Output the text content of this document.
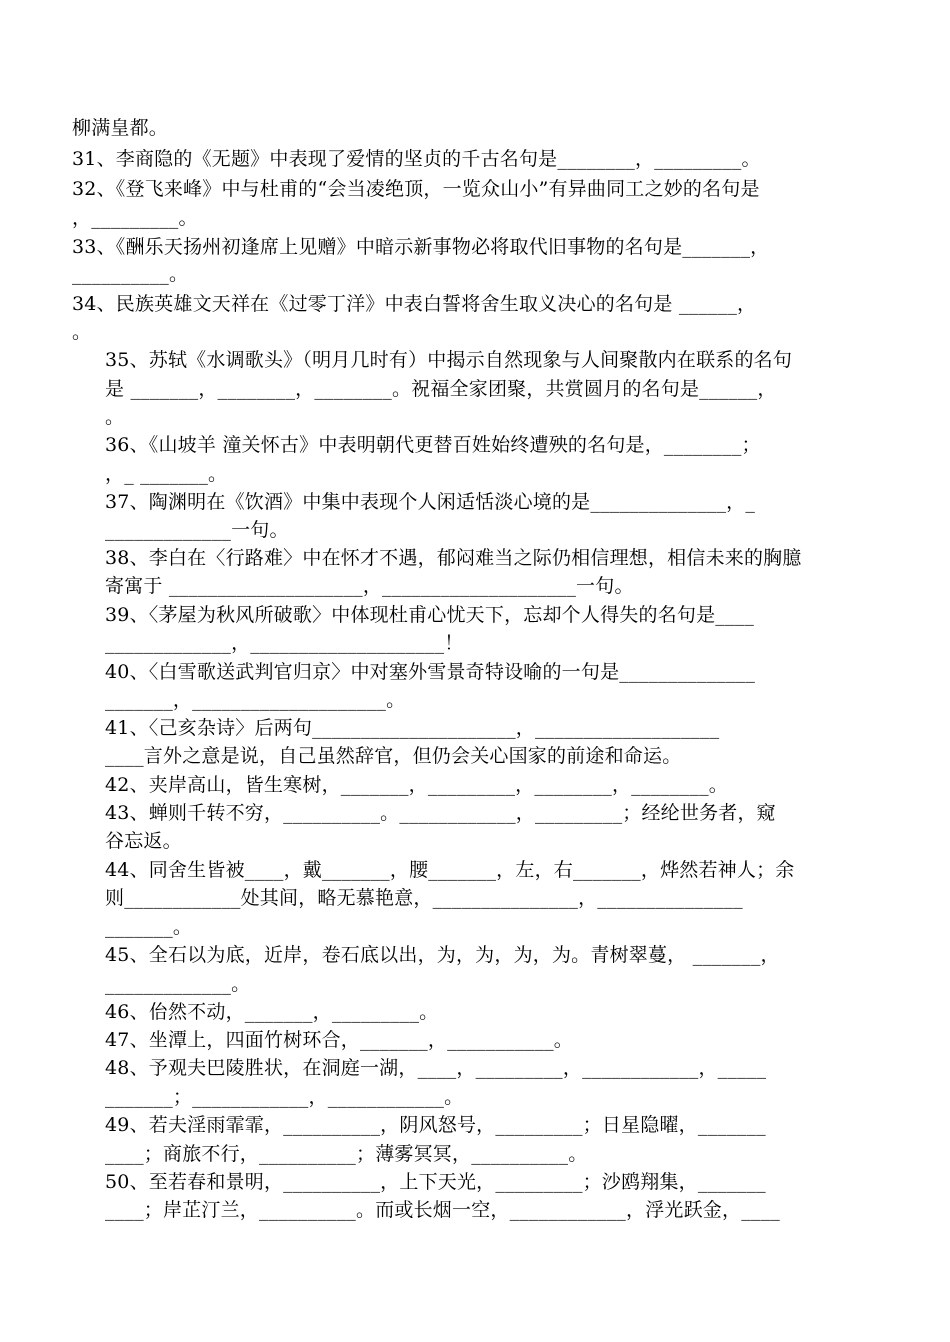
柳满皇都。
31、李商隐的《无题》中表现了爱情的坚贞的千古名句是________，_________。
32、《登飞来峰》中与杜甫的“会当凌绝顶，一览众山小”有异曲同工之妙的名句是
，_________。
33、《酬乐天扬州初逢席上见赠》中暗示新事物必将取代旧事物的名句是_______，
__________。
34、民族英雄文天祥在《过零丁洋》中表白誓将舍生取义决心的名句是 ______，
。
35、苏轼《水调歌头》（明月几时有）中揭示自然现象与人间聚散内在联系的名句
是 _______，________，________。祝福全家团聚，共赏圆月的名句是______，
。
36、《山坡羊 潼关怀古》中表明朝代更替百姓始终遭殃的名句是，________；
，_ _______。
37、陶渊明在《饮酒》中集中表现个人闲适恬淡心境的是______________，_
_____________一句。
38、李白在〈行路难〉中在怀才不遇，郁闷难当之际仍相信理想，相信未来的胸臆
寄寓于 ____________________，____________________一句。
39、〈茅屋为秋风所破歌〉中体现杜甫心忧天下，忘却个人得失的名句是____
_____________，____________________！
40、〈白雪歌送武判官归京〉中对塞外雪景奇特设喻的一句是______________
_______，____________________。
41、〈己亥杂诗〉后两句_____________________，___________________
____言外之意是说，自己虽然辞官，但仍会关心国家的前途和命运。
42、夹岸高山，皆生寒树，_______，_________，________，________。
43、蝉则千转不穷，__________。____________，_________；经纶世务者，窥
谷忘返。
44、同舍生皆被____，戴_______，腰_______，左，右_______，烨然若神人；余
则____________处其间，略无慕艳意，_______________，_______________
_______。
45、全石以为底，近岸，卷石底以出，为，为，为，为。青树翠蔓， _______，
_____________。
46、佁然不动，_______，_________。
47、坐潭上，四面竹树环合，_______，___________。
48、予观夫巴陵胜状，在洞庭一湖，____，_________，____________，_____
_______；____________，____________。
49、若夫淫雨霏霏，__________，阴风怒号，_________；日星隐曜，_______
____；商旅不行，__________；薄雾冥冥，__________。
50、至若春和景明，__________，上下天光，_________；沙鸥翔集，_______
____；岸芷汀兰，__________。而或长烟一空，____________，浮光跃金，____
